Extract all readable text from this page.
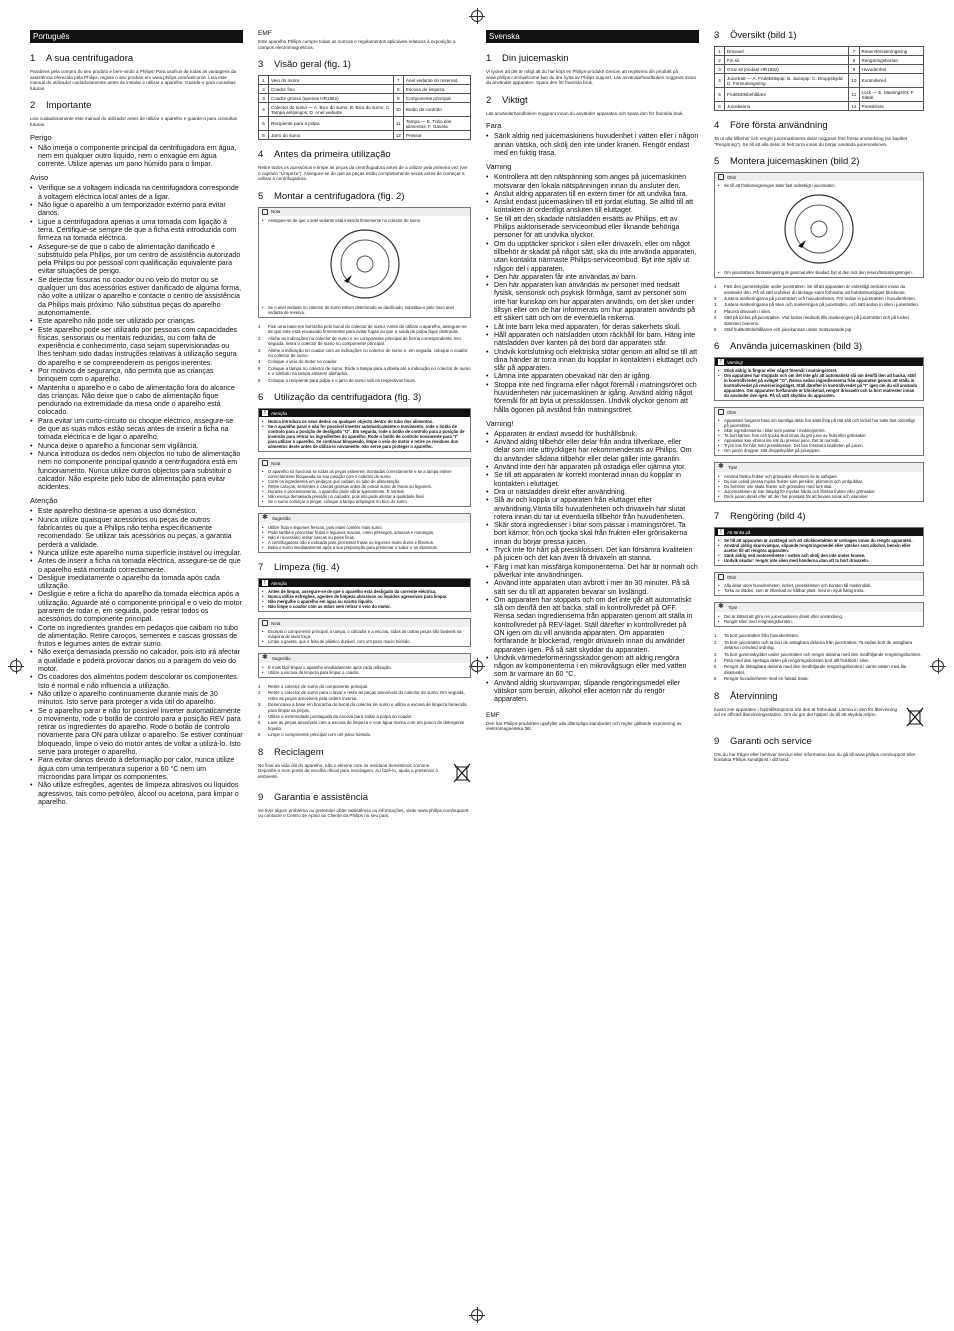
Português
1 A sua centrifugadora

Parabéns pela compra do seu produto e bem-vindo à Philips! Para usufruir de todas as vantagens da assistência oferecida pela Philips, registe o seu produto em www.philips.com/welcome. Leia este manual do utilizador cuidadosamente antes de instalar e utilizar o aparelho. Guarde-o para consultas futuras.

2 Importante

Leia cuidadosamente este manual do utilizador antes de utilizar o aparelho e guarde-o para consultas futuras.

Perigo
• Não imerja o componente principal da centrifugadora em água, nem em qualquer outro líquido, nem o enxagúe em água corrente. Utilize apenas um pano húmido para o limpar.
Aviso
• Verifique se a voltagem indicada na centrifugadora corresponde à voltagem eléctrica local antes de a ligar.
• Não ligue o aparelho a um temporizador externo para evitar danos.
• Ligue a centrifugadora apenas a uma tomada com ligação à terra. Certifique-se sempre de que a ficha está introduzida com firmeza na tomada eléctrica.
• Assegure-se de que o cabo de alimentação danificado é substituído pela Philips, por um centro de assistência autorizado pela Philips ou por pessoal com qualificação equivalente para evitar situações de perigo.
• Se detectar fissuras no coador ou no veio do motor ou se qualquer um dos acessórios estiver danificado de alguma forma, não volte a utilizar o aparelho e contacte o centro de assistência da Philips mais próximo. Não substitua peças do aparelho autonomamente.
• Este aparelho não pode ser utilizado por crianças.
• Este aparelho pode ser utilizado por pessoas com capacidades físicas, sensoriais ou mentais reduzidas, ou com falta de experiência e conhecimento, caso sejam supervisionadas ou lhes tenham sido dadas instruções relativas à utilização segura do aparelho e se compreenderem os perigos inerentes.
• Por motivos de segurança, não permita que as crianças brinquem com o aparelho.
• Mantenha o aparelho e o cabo de alimentação fora do alcance das crianças. Não deixe que o cabo de alimentação fique pendurado na extremidade da mesa onde o aparelho está colocado.
• Para evitar um curto-circuito ou choque eléctrico, assegure-se de que as suas mãos estão secas antes de inserir a ficha na tomada eléctrica e de ligar o aparelho.
• Nunca deixe o aparelho a funcionar sem vigilância.
• Nunca introduza os dedos nem objectos no tubo de alimentação nem no componente principal quando a centrifugadora está em funcionamento. Nunca utilize outros objectos para substituir o calcador. Não espreite pelo tubo de alimentação para evitar acidentes.
Atenção
• Este aparelho destina-se apenas a uso doméstico.
• Nunca utilize quaisquer acessórios ou peças de outros fabricantes ou que a Philips não tenha especificamente recomendado. Se utilizar tais acessórios ou peças, a garantia perderá a validade.
• Nunca utilize este aparelho numa superfície instável ou irregular.
• Antes de inserir a ficha na tomada eléctrica, assegure-se de que o aparelho está montado correctamente.
• Desligue imediatamente o aparelho da tomada após cada utilização.
• Desligue e retire a ficha do aparelho da tomada eléctrica após a utilização. Aguarde até o componente principal e o veio do motor pararem de rodar e, em seguida, pode retirar todos os acessórios do componente principal.
• Corte os ingredientes grandes em pedaços que caibam no tubo de alimentação. Retire caroços, sementes e cascas grossas de frutos e legumes antes de extrair sumo.
• Não exerça demasiada pressão no calcador, pois isto irá afectar a qualidade e poderá provocar danos ou a paragem do veio do motor.
• Os coadores dos alimentos podem descolorar os componentes. Isto é normal e não influencia a utilização.
• Não utilize o aparelho continuamente durante mais de 30 minutos. Isto serve para proteger a vida útil do aparelho.
• Se o aparelho parar e não for possível inverter automaticamente o movimento, rode o botão de controlo para a posição REV para retirar os ingredientes do aparelho. Rode o botão de controlo novamente para ON para utilizar o aparelho. Se estiver continuar bloqueado, limpe o veio do motor antes de voltar a utilizá-lo. Isto serve para proteger o aparelho.
• Para evitar danos devido à deformação por calor, nunca utilize água com uma temperatura superior a 60 °C nem um microondas para limpar os componentes.
• Não utilize esfregões, agentes de limpeza abrasivos ou líquidos agressivos, tais como petróleo, álcool ou acetona, para limpar o aparelho.
EMF

Este aparelho Philips cumpre todas as normas e regulamentos aplicáveis relativos à exposição a campos electromagnéticos.

3 Visão geral (fig. 1)
1	Veio do motor	7	Anel vedante do reservat.
2	Coador fino	8	Escova de limpeza
3	Coador grosso (apenas HR1882)	9	Componente principal
4	Colector do sumo — A. Bico do sumo; B. Bico do sumo; C. Tampa antipingos; D. Anel vedante	10	Botão de controlo
5	Recipiente para a polpa	11	Tampa — E. Tubo dos alimentos; F. Gaveta
6	Jarro do sumo	12	Pressor
4 Antes da primeira utilização

Retire todos os acessórios e limpe as peças da centrifugadora antes de a utilizar pela primeira vez (ver o capítulo "Limpeza"). Assegure-se de que as peças estão completamente secas antes de começar a utilizar a centrifugadora.

5 Montar a centrifugadora (fig. 2)
Nota
• Assegure-se de que o anel vedante está inserido firmemente no colector de sumo.
• Se o anel vedante no colector do sumo estiver deteriorado ou danificado, substitua-o pelo novo anel vedante de reserva.
1 Fixe uma base em borracha pelo bocal do colector de sumo. Antes de utilizar o aparelho, assegure-se de que este está encaixado firmemente para evitar fugas ou que a saída de polpa fique obstruída.
2 Alinhe as indicações no colector de sumo e no componente principal de forma correspondente. Em seguida, insira o colector de sumo no componente principal.
3 Alinhe a indicação no coador com as indicações no colector de sumo e, em seguida, coloque o coador no colector de sumo.
4 Coloque o veio do motor no coador.
5 Coloque a tampa no colector de sumo. Rode a tampa para a direita até a indicação no colector de sumo e o símbolo na tampa estarem alinhados.
6 Coloque o recipiente para polpa e o jarro de sumo sob os respectivos bicos.
6 Utilização da centrifugadora (fig. 3)
!	Atenção
• Nunca introduza os seus dedos ou qualquer objecto dentro do tubo dos alimentos.
• Se o aparelho parar e não for possível inverter automaticamente o movimento, rode o botão de controlo para a posição de desligado "O". Em seguida, rode o botão de controlo para a posição de inversão para retirar os ingredientes do aparelho. Rode o botão de controlo novamente para "I" para utilizar o aparelho. Se continuar bloqueado, limpe o veio do motor e retire os resíduos dos alimentos deste antes de utilizá-lo novamente. Isto serve para proteger o aparelho.
Nota
• O aparelho só funciona se todas as peças estiverem montadas correctamente e se a tampa estiver correctamente bloqueada na sua posição com o colector de sumo.
• Corte os ingredientes em pedaços que caibam no tubo de alimentação.
• Retire caroços, sementes e cascas grossas antes de extrair sumo de frutos ou legumes.
• Durante o processamento, o aparelho pode vibrar ligeiramente. É normal.
• Não exerça demasiada pressão no calcador, pois isto pode afectar a qualidade final.
• Se o sumo começar a pingar, coloque a tampa antipingos no bico do sumo.
✱
Sugestão
• Utilize fruta e legumes frescos, pois estes contêm mais sumo.
• Pode também processar frutos e legumes macios, como pêssegos, ameixas e morangos.
• Não é necessário retirar cascas ou peles finas.
• A centrifugadora não é indicada para processar frutas ou legumes muito duros e fibrosos.
• Beba o sumo imediatamente após a sua preparação para preservar o sabor e as vitaminas.
7 Limpeza (fig. 4)
!	Atenção
• Antes de limpar, assegure-se de que o aparelho está desligado da corrente eléctrica.
• Nunca utilize esfregões, agentes de limpeza abrasivos ou líquidos agressivos para limpar.
• Não mergulhe o aparelho em água ou noutro líquido.
• Não limpe o coador com as mãos sem retirar o veio do motor.
Nota
• Excepto o componente principal, a tampa, o calcador e a escova, todas as outras peças são laváveis na máquina de lavar loiça.
• Limpe a gaveta, que é feita de plástico durável, com um pano macio húmido.
✱
Sugestão
• É mais fácil limpar o aparelho imediatamente após cada utilização.
• Utilize a escova de limpeza para limpar o coador.
1 Retire o colector de sumo do componente principal.
2 Retire o colector de sumo para o lavar e retire as peças amovíveis do colector de sumo. Em seguida, retire as peças amovíveis pela ordem inversa.
3 Desencaixe a base em borracha do bocal do colector de sumo e utilize a escova de limpeza fornecida para limpar as peças.
4 Utilize a extremidade pontiaguda da escova para soltar a polpa do coador.
5 Lave as peças amovíveis com a escova de limpeza e com água morna com um pouco de detergente líquido.
6 Limpe o componente principal com um pano húmido.
8 Reciclagem

No final da vida útil do aparelho, não o elimine com os resíduos domésticos comuns. Deposite-o num ponto de recolha oficial para reciclagem. Ao fazê-lo, ajuda a preservar o ambiente.

9 Garantia e assistência

Se tiver algum problema ou pretender obter assistência ou informações, visite www.philips.com/support ou contacte o Centro de Apoio ao Cliente da Philips no seu país.

Svenska
1 Din juicemaskin

Vi tycker att det är roligt att du har köpt en Philips-produkt! Genom att registrera din produkt på www.philips.com/welcome kan du dra nytta av Philips support. Läs användarhandboken noggrant innan du använder apparaten. Spara den för framtida bruk.

2 Viktigt

Läs användarhandboken noggrant innan du använder apparaten och spara den för framtida bruk.

Fara
• Sänk aldrig ned juicemaskinens huvudenhet i vatten eller i någon annan vätska, och skölj den inte under kranen. Rengör endast med en fuktig trasa.
Varning
• Kontrollera att den nätspänning som anges på juicemaskinen motsvarar den lokala nätspänningen innan du ansluter den.
• Anslut aldrig apparaten till en extern timer för att undvika fara.
• Anslut endast juicemaskinen till ett jordat eluttag. Se alltid till att kontakten är ordentligt ansluten till eluttaget.
• Se till att den skadade nätsladden ersätts av Philips, ett av Philips auktoriserade serviceombud eller liknande behöriga personer för att undvika olyckor.
• Om du upptäcker sprickor i silen eller drivaxeln, eller om något tillbehör är skadat på något sätt, ska du inte använda apparaten, utan kontakta närmaste Philips-serviceombud. Byt inte själv ut någon del i apparaten.
• Den här apparaten får inte användas av barn.
• Den här apparaten kan användas av personer med nedsatt fysisk, sensorisk och psykisk förmåga, samt av personer som inte har kunskap om hur apparaten används, om det sker under tillsyn eller om de har informerats om hur apparaten används på ett säkert sätt och om de eventuella riskerna.
• Låt inte barn leka med apparaten, för deras säkerhets skull.
• Håll apparaten och nätsladden utom räckhåll för barn. Häng inte nätsladden över kanten på det bord där apparaten står.
• Undvik kortslutning och elektriska stötar genom att alltid se till att dina händer är torra innan du kopplar in kontakten i eluttaget och slår på apparaten.
• Lämna inte apparaten obevakad när den är igång.
• Stoppa inte ned fingrarna eller något föremål i matningsröret och huvudenheten när juicemaskinen är igång. Använd aldrig något föremål för att byta ut pressklossen. Undvik olyckor genom att hålla ögonen på avstånd från matningsröret.
Varning!
• Apparaten är endast avsedd för hushållsbruk.
• Använd aldrig tillbehör eller delar från andra tillverkare, eller delar som inte uttryckligen har rekommenderats av Philips. Om du använder sådana tillbehör eller delar gäller inte garantin.
• Använd inte den här apparaten på ostadiga eller ojämna ytor.
• Se till att apparaten är korrekt monterad innan du kopplar in kontakten i eluttaget.
• Dra ur nätsladden direkt efter användning.
• Slå av och koppla ur apparaten från eluttaget efter användning.Vänta tills huvudenheten och drivaxeln har slutat rotera innan du tar ut eventuella tillbehör från huvudenheten.
• Skär stora ingredienser i bitar som passar i matningsröret. Ta bort kärnor, frön och tjocka skal från frukten eller grönsakerna innan du börjar pressa juicen.
• Tryck inte för hårt på pressklossen. Det kan försämra kvaliteten på juicen och det kan även få drivaxeln att stanna.
• Färg i mat kan missfärga komponenterna. Det här är normalt och påverkar inte användningen.
• Använd inte apparaten utan avbrott i mer än 30 minuter. På så sätt ser du till att apparaten bevarar sin livslängd.
• Om apparaten har stoppats och om det inte går att automatiskt slå om den/få den att backa, ställ in kontrollvredet på OFF. Rensa sedan ingredienserna från apparaten genom att ställa in kontrollvredet på REV-läget. Ställ därefter in kontrollvredet på ON igen om du vill använda apparaten. Om apparaten fortfarande är blockerad, rengör drivaxeln innan du använder apparaten igen. På så sätt skyddar du apparaten.
• Undvik värmedeformeringsskador genom att aldrig rengöra någon av komponenterna i en mikrovågsugn eller med vatten som är varmare än 60 °C.
• Använd aldrig skursvampar, slipande rengöringsmedel eller vätskor som bensin, alkohol eller aceton när du rengör apparaten.
EMF

Den här Philips-produkten uppfyller alla tillämpliga standarder och regler gällande exponering av elektromagnetiska fält.

3 Översikt (bild 1)
1	Drivaxel	7	Reservförslutningsring
2	Fin sil	8	Rengöringsborste
3	Grov sil (endast HR1882)	9	Huvudenhet
4	Juicetratt — A. Fruktköttspip; B. Juicepip; C. Droppskydd; D. Förslutningsring	10	Kontrollvred
5	Fruktköttsbehållare	11	Lock — E. Matningsrör; F. Släde
6	Juicekanna	12	Presskloss
4 Före första användning

Ta ut alla tillbehör och rengör juicemaskinens delar noggrant före första användning (se kapitlet "Rengöring"). Se till att alla delar är helt torra innan du börjar använda juicemaskinen.

5 Montera juicemaskinen (bild 2)
Obs!
• Se till att förslutningsringen sitter fast ordentligt i juicetratten.
• Om juicetrattens förslutningsring är gammal eller skadad, byt ut den mot den reservförslutningsringen.
1 Fäst den gummiskydde under juicetratten. Se till att apparaten är ordentligt ansluten innan du använder den. På så sätt undviker du läckage samt förhindrar att fruktköttsutloppet blockeras.
2 Justera markeringarna på juicetratten och huvudenheten. För sedan in juicetratten i huvudenheten.
3 Justera markeringarna på silen och markeringen på juicetratten, och sätt sedan in silen i juicetratten.
4 Placera drivaxeln i silen.
5 Sätt på locket på juicetratten. Vrid locket medsols tills markeringen på juicetratten och på locket stämmer överens.
6 Ställ fruktköttsbehållaren och juicekannan under motsvarande pip.
6 Använda juicemaskinen (bild 3)
!	Varning!
• Stick aldrig in fingrar eller något föremål i matningsröret.
• Om apparaten har stoppats och om det inte går att automatiskt slå om den/få den att backa, ställ in kontrollvredet på avläget "O". Rensa sedan ingredienserna från apparaten genom att ställa in kontrollvredet på reverseringsläget. Ställ därefter in kontrollvredet på "I" igen om du vill använda apparaten. Om apparaten fortfarande är blockerad, rengör drivaxeln och ta bort matrester innan du använder den igen. På så sätt skyddar du apparaten.
Obs!
• Apparaten fungerar bara om samtliga delar har satts ihop på rätt sätt och locket har satts fast ordentligt på juicetratten.
• Skär ingredienserna i bitar som passar i matningsröret.
• Ta bort kärnor, frön och tjocka skal innan du gör juice av frukt eller grönsaker.
• Apparaten kan vibrera lite när du pressar juice. Det är normalt.
• Tryck inte för hårt med pressklossen. Det kan försämra kvaliteten på juicen.
• Om juicen droppar, sätt droppskyddet på juicepipen.
✱
Tips!
• Använd färska frukter och grönsaker eftersom de är saftigare.
• Du kan också pressa mjuka frukter som persikor, plommon och jordgubbar.
• Du behöver inte skala frukter och grönsaker med tunt skal.
• Juicemaskinen är inte lämplig för mycket hårda och fibrösa frukter eller grönsaker.
• Drick juicen direkt efter att den har pressats för att bevara smak och vitaminer.
7 Rengöring (bild 4)
!	Att tänka på
• Se till att apparaten är avstängd och att stickkontakten är urdragen innan du rengör apparaten.
• Använd aldrig skursvampar, slipande rengöringsmedel eller vätskor som alkohol, bensin eller aceton till att rengöra apparaten.
• Sänk aldrig ned motorenheten i vatten och skölj den inte under kranen.
• Undvik skador: rengör inte silen med händerna utan att ta bort drivaxeln.
Obs!
• Alla delar utom huvudenheten, locket, pressklossen och borsten tål maskindisk.
• Torka av släden, som är tillverkad av hållbar plast, med en mjuk fuktig trasa.
✱
Tips!
• Det är lättast att göra ren juicemaskinen direkt efter användning.
• Rengör silen med rengöringsborsten.
1 Ta bort juicetratten från huvudenheten.
2 Ta bort juicetratten och ta bort de avtagbara delarna från juicetratten. Ta sedan bort de avtagbara delarna i omvänd ordning.
3 Ta bort gummiskyddet under juicetratten och rengör delarna med den medföljande rengöringsborsten.
4 Peta med den spetsiga delen på rengöringsborsten bort allt fruktkött i silen.
5 Rengör de löstagbara delarna med den medföljande rengöringsborsten i varmt vatten med lite diskmedel.
6 Rengör huvudenheten med en fuktad trasa.
8 Återvinning

Kasta inte apparaten i hushållssoporna när den är förbrukad. Lämna in den för återvinning vid en officiell återvinningsstation. Om du gör det hjälper du till att skydda miljön.

9 Garanti och service

Om du har frågor eller behöver service eller information kan du gå till www.philips.com/support eller kontakta Philips kundtjänst i ditt land.
